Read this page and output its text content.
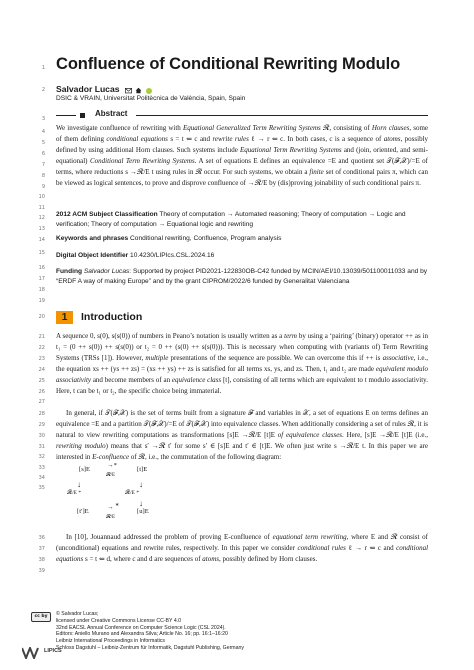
1
2
3
4
5
6
7
8
9
10
11
12
13
14
15
16
17
18
19
20
21
22
23
24
25
26
27
28
29
30
31
32
33
34
35
36
37
38
39
Confluence of Conditional Rewriting Modulo
Salvador Lucas
DSIC & VRAIN, Universitat Politècnica de València, Spain, Spain
Abstract

We investigate confluence of rewriting with Equational Generalized Term Rewriting Systems 𝓡, consisting of Horn clauses, some of them defining conditional equations s = t ⇐ c and rewrite rules ℓ → r ⇐ c. In both cases, c is a sequence of atoms, possibly defined by using additional Horn clauses. Such systems include Equational Term Rewriting Systems and (join, oriented, and semi-equational) Conditional Term Rewriting Systems. A set of equations E defines an equivalence =E and quotient set 𝒯(𝓕,𝒳)/=E of terms, where reductions s →𝓡/E t using rules in 𝓡 occur. For such systems, we obtain a finite set of conditional pairs π, which can be viewed as logical sentences, to prove and disprove confluence of →𝓡/E by (dis)proving joinability of such conditional pairs π.

2012 ACM Subject Classification Theory of computation → Automated reasoning; Theory of computation → Logic and verification; Theory of computation → Equational logic and rewriting
Keywords and phrases Conditional rewriting, Confluence, Program analysis
Digital Object Identifier 10.4230/LIPIcs.CSL.2024.16
Funding Salvador Lucas: Supported by project PID2021-122830OB-C42 funded by MCIN/AEI/10.13039/501100011033 and by “ERDF A way of making Europe” and by the grant CIPROM/2022/6 funded by Generalitat Valenciana
1 Introduction

A sequence 0, s(0), s(s(0)) of numbers in Peano’s notation is usually written as a term by using a ‘pairing’ (binary) operator ++ as in t₁ = (0 ++ s(0)) ++ s(s(0)) or t₂ = 0 ++ (s(0) ++ s(s(0))). This is necessary when computing with (variants of) Term Rewriting Systems (TRSs [1]). However, multiple presentations of the sequence are possible. We can overcome this if ++ is associative, i.e., the equation xs ++ (ys ++ zs) = (xs ++ ys) ++ zs is satisfied for all terms xs, ys, and zs. Then, t₁ and t₂ are made equivalent modulo associativity and become members of an equivalence class [t], consisting of all terms which are equivalent to t modulo associativity. Here, t can be t₁ or t₂, the specific choice being immaterial.

In general, if 𝒯(𝓕,𝒳) is the set of terms built from a signature 𝓕 and variables in 𝒳, a set of equations E on terms defines an equivalence =E and a partition 𝒯(𝓕,𝒳)/=E of 𝒯(𝓕,𝒳) into equivalence classes. When additionally considering a set of rules 𝓡, it is natural to view rewriting computations as transformations [s]E →𝓡/E [t]E of equivalence classes. Here, [s]E →𝓡/E [t]E (i.e., rewriting modulo) means that s′ →𝓡 t′ for some s′ ∈ [s]E and t′ ∈ [t]E. We often just write s →𝓡/E t. In this paper we are interested in E-confluence of 𝓡, i.e., the commutation of the following diagram:

[s]E
→*
𝓡/E
[t]E
↓	↓
𝓡/E *	𝓡/E *
↓
[t′]E
→ ∗
𝓡/E
[u]E

In [10], Jouannaud addressed the problem of proving E-confluence of equational term rewriting, where E and 𝓡 consist of (unconditional) equations and rewrite rules, respectively. In this paper we consider conditional rules ℓ → r ⇐ c and conditional equations s = t ⇐ d, where c and d are sequences of atoms, possibly defined by Horn clauses.

cc by	© Salvador Lucas;
licensed under Creative Commons License CC-BY 4.0
32nd EACSL Annual Conference on Computer Science Logic (CSL 2024).
Editors: Aniello Murano and Alexandra Silva; Article No. 16; pp. 16:1–16:20
Leibniz International Proceedings in Informatics
Schloss Dagstuhl – Leibniz-Zentrum für Informatik, Dagstuhl Publishing, Germany
LIPICS
